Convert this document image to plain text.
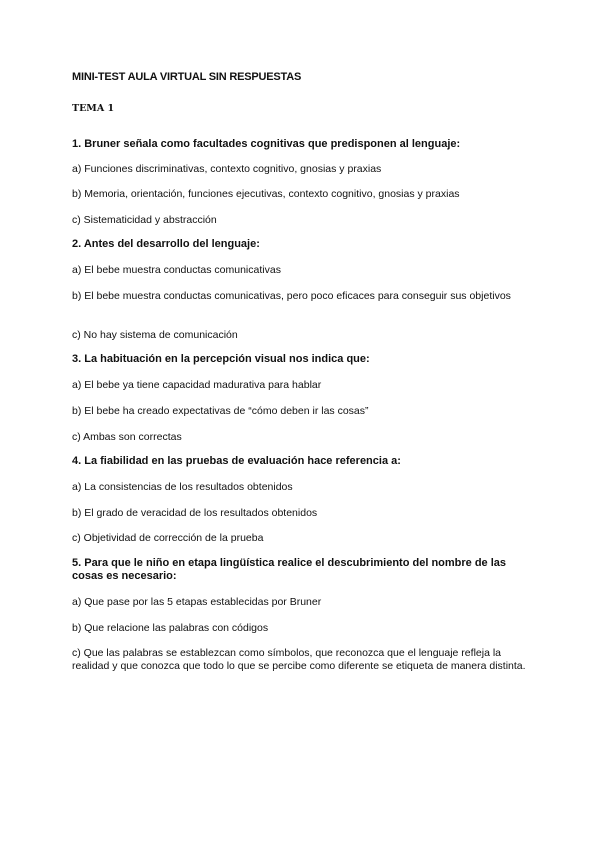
MINI-TEST AULA VIRTUAL SIN RESPUESTAS
TEMA 1
1. Bruner señala como facultades cognitivas que predisponen al lenguaje:
a) Funciones discriminativas, contexto cognitivo, gnosias y praxias
b) Memoria, orientación, funciones ejecutivas, contexto cognitivo, gnosias y praxias
c) Sistematicidad y abstracción
2. Antes del desarrollo del lenguaje:
a) El bebe muestra conductas comunicativas
b) El bebe muestra conductas comunicativas, pero poco eficaces para conseguir sus objetivos
c) No hay sistema de comunicación
3. La habituación en la percepción visual nos indica que:
a) El bebe ya tiene capacidad madurativa para hablar
b) El bebe ha creado expectativas de “cómo deben ir las cosas”
c) Ambas son correctas
4. La fiabilidad en las pruebas de evaluación hace referencia a:
a) La consistencias de los resultados obtenidos
b) El grado de veracidad de los resultados obtenidos
c) Objetividad de corrección de la prueba
5. Para que le niño en etapa lingüística realice el descubrimiento del nombre de las cosas es necesario:
a) Que pase por las 5 etapas establecidas por Bruner
b) Que relacione las palabras con códigos
c) Que las palabras se establezcan como símbolos, que reconozca que el lenguaje refleja la realidad y que conozca que todo lo que se percibe como diferente se etiqueta de manera distinta.
